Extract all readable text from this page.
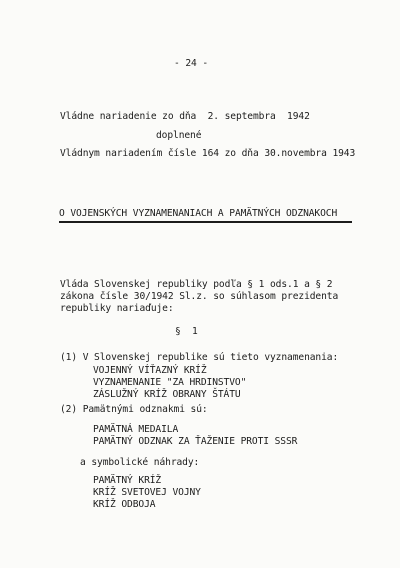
- 24 -
Vládne nariadenie zo dňa  2. septembra  1942
doplnené
Vládnym nariadením čísle 164 zo dňa 30.novembra 1943
O VOJENSKÝCH VYZNAMENANIACH A PAMÄTNÝCH ODZNAKOCH
Vláda Slovenskej republiky podľa § 1 ods.1 a § 2
zákona čísle 30/1942 Sl.z. so súhlasom prezidenta
republiky nariaďuje:
§  1
(1) V Slovenskej republike sú tieto vyznamenania:
VOJENNÝ VÍŤAZNÝ KRÍŽ
VYZNAMENANIE "ZA HRDINSTVO"
ZÁSLUŽNÝ KRÍŽ OBRANY ŠTÁTU
(2) Pamätnými odznakmi sú:
PAMÄTNÁ MEDAILA
PAMÄTNÝ ODZNAK ZA ŤAŽENIE PROTI SSSR
a symbolické náhrady:
PAMÄTNÝ KRÍŽ
KRÍŽ SVETOVEJ VOJNY
KRÍŽ ODBOJA
